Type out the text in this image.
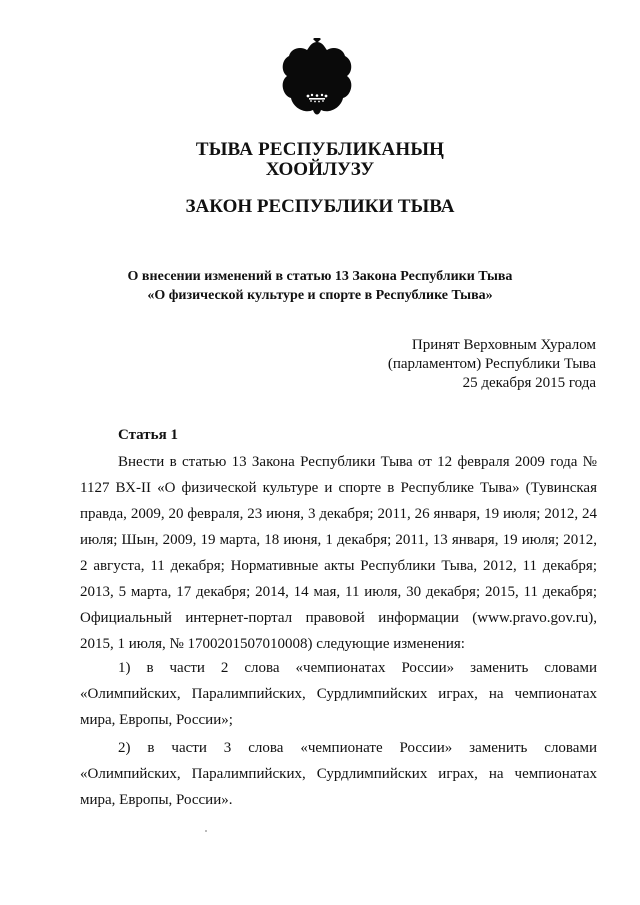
ТЫВА РЕСПУБЛИКАНЫҢ
ХООЙЛУЗУ
ЗАКОН РЕСПУБЛИКИ ТЫВА
О внесении изменений в статью 13 Закона Республики Тыва
«О физической культуре и спорте в Республике Тыва»
Принят Верховным Хуралом
(парламентом) Республики Тыва
25 декабря 2015 года
Статья 1
Внести в статью 13 Закона Республики Тыва от 12 февраля 2009 года №
1127 ВХ-II «О физической культуре и спорте в Республике Тыва» (Тувинская
правда, 2009, 20 февраля, 23 июня, 3 декабря; 2011, 26 января, 19 июля; 2012, 24
июля; Шын, 2009, 19 марта, 18 июня, 1 декабря; 2011, 13 января, 19 июля; 2012,
2 августа, 11 декабря; Нормативные акты Республики Тыва, 2012, 11 декабря;
2013, 5 марта, 17 декабря; 2014, 14 мая, 11 июля, 30 декабря; 2015, 11 декабря;
Официальный интернет-портал правовой информации (www.pravo.gov.ru),
2015, 1 июля, № 1700201507010008) следующие изменения:
1) в части 2 слова «чемпионатах России» заменить словами
«Олимпийских, Паралимпийских, Сурдлимпийских играх, на чемпионатах
мира, Европы, России»;
2) в части 3 слова «чемпионате России» заменить словами
«Олимпийских, Паралимпийских, Сурдлимпийских играх, на чемпионатах
мира, Европы, России».
